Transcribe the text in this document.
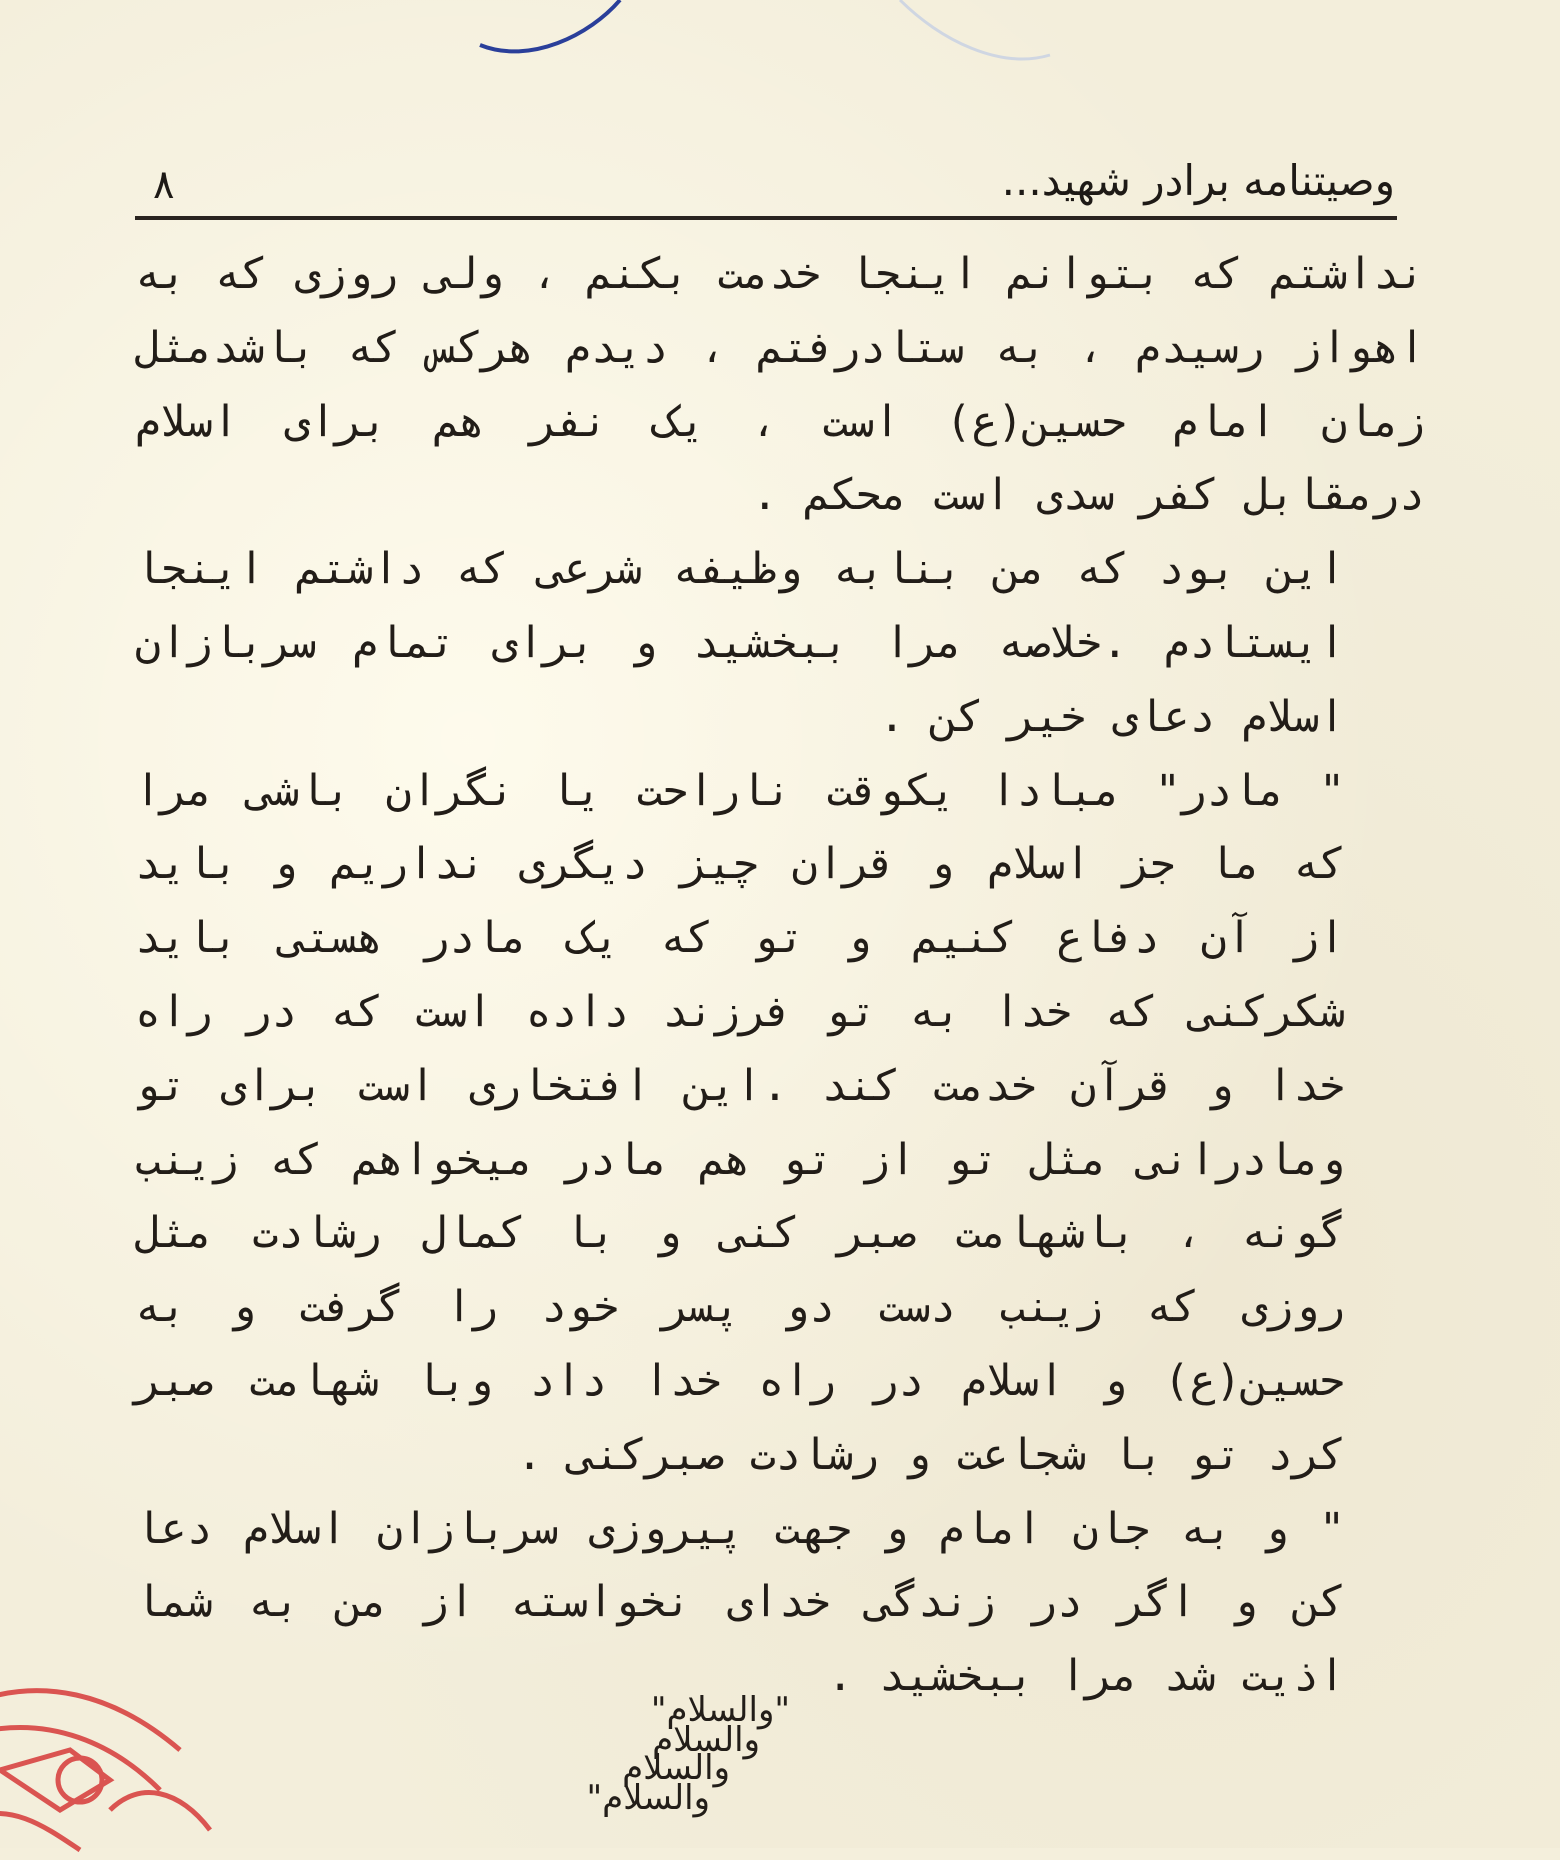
٨	وصیتنامه برادر شهید...

نداشتم که بتوانم اینجا خدمت بکنم ، ولی روزی که به اهواز رسیدم ، به ستادرفتم ، دیدم هرکس که باشدمثل زمان امام حسین(ع) است ، یک نفر هم برای اسلام درمقابل کفر سدی است محکم .

این بود که من بنابه وظیفه شرعی که داشتم اینجا ایستادم .خلاصه مرا ببخشید و برای تمام سربازان اسلام دعای خیر کن .

" مادر" مبادا یکوقت ناراحت یا نگران باشی مرا که ما جز اسلام و قران چیز دیگری نداریم و باید از آن دفاع کنیم و تو که یک مادر هستی باید شکرکنی که خدا به تو فرزند داده است که در راه خدا و قرآن خدمت کند .این افتخاری است برای تو ومادرانی مثل تو از تو هم مادر میخواهم که زینب گونه ، باشهامت صبر کنی و با کمال رشادت مثل روزی که زینب دست دو پسر خود را گرفت و به حسین(ع) و اسلام در راه خدا داد وبا شهامت صبر کرد تو با شجاعت و رشادت صبرکنی .

" و به جان امام و جهت پیروزی سربازان اسلام دعا کن و اگر در زندگی خدای نخواسته از من به شما اذیت شد مرا ببخشید .

"والسلام"
والسلام
والسلام
والسلام"
